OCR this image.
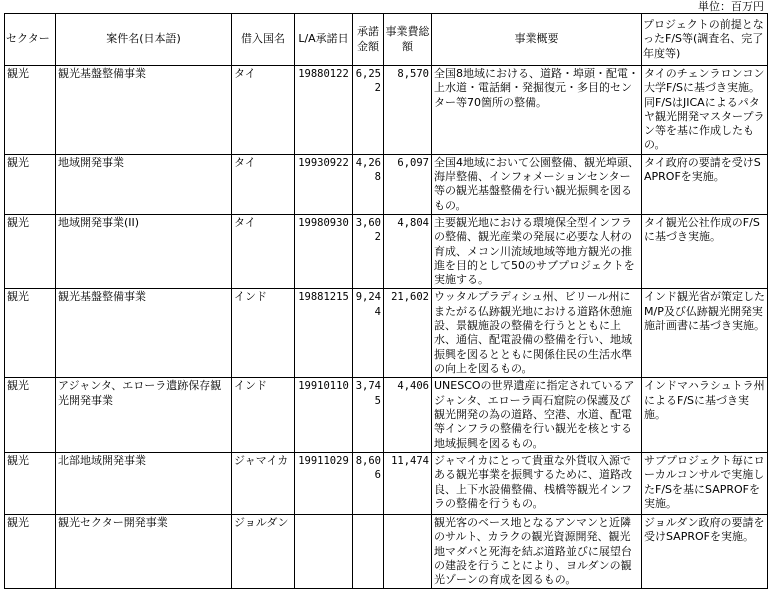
単位：百万円
セクター	案件名(日本語)	借入国名	L/A承諾日	承諾金額	事業費総額	事業概要	プロジェクトの前提となったF/S等(調査名、完了年度等)
観光	観光基盤整備事業	タイ	19880122	6,252	8,570	全国8地域における、道路・埠頭・配電・上水道・電話網・発掘復元・多目的センター等70箇所の整備。	タイのチェンラロンコン大学F/Sに基づき実施。同F/SはJICAによるパタヤ観光開発マスタープラン等を基に作成したもの。
観光	地域開発事業	タイ	19930922	4,268	6,097	全国4地域において公園整備、観光埠頭、海岸整備、インフォメーションセンター等の観光基盤整備を行い観光振興を図るもの。	タイ政府の要請を受けSAPROFを実施。
観光	地域開発事業(II)	タイ	19980930	3,602	4,804	主要観光地における環境保全型インフラの整備、観光産業の発展に必要な人材の育成、メコン川流域地域等地方観光の推進を目的として50のサブプロジェクトを実施する。	タイ観光公社作成のF/Sに基づき実施。
観光	観光基盤整備事業	インド	19881215	9,244	21,602	ウッタルプラディシュ州、ビリール州にまたがる仏跡観光地における道路休憩施設、景観施設の整備を行うとともに上水、通信、配電設備の整備を行い、地域振興を図るとともに関係住民の生活水準の向上を図るもの。	インド観光省が策定したM/P及び仏跡観光開発実施計画書に基づき実施。
観光	アジャンタ、エローラ遺跡保存観光開発事業	インド	19910110	3,745	4,406	UNESCOの世界遺産に指定されているアジャンタ、エローラ両石窟院の保護及び観光開発の為の道路、空港、水道、配電等インフラの整備を行い観光を核とする地域振興を図るもの。	インドマハラシュトラ州によるF/Sに基づき実施。
観光	北部地域開発事業	ジャマイカ	19911029	8,606	11,474	ジャマイカにとって貴重な外貨収入源である観光事業を振興するために、道路改良、上下水設備整備、桟橋等観光インフラの整備を行うもの。	サブプロジェクト毎にローカルコンサルで実施したF/Sを基にSAPROFを実施。
観光	観光セクター開発事業	ジョルダン				観光客のベース地となるアンマンと近隣のサルト、カラクの観光資源開発、観光地マダバと死海を結ぶ道路並びに展望台の建設を行うことにより、ヨルダンの観光ゾーンの育成を図るもの。	ジョルダン政府の要請を受けSAPROFを実施。
